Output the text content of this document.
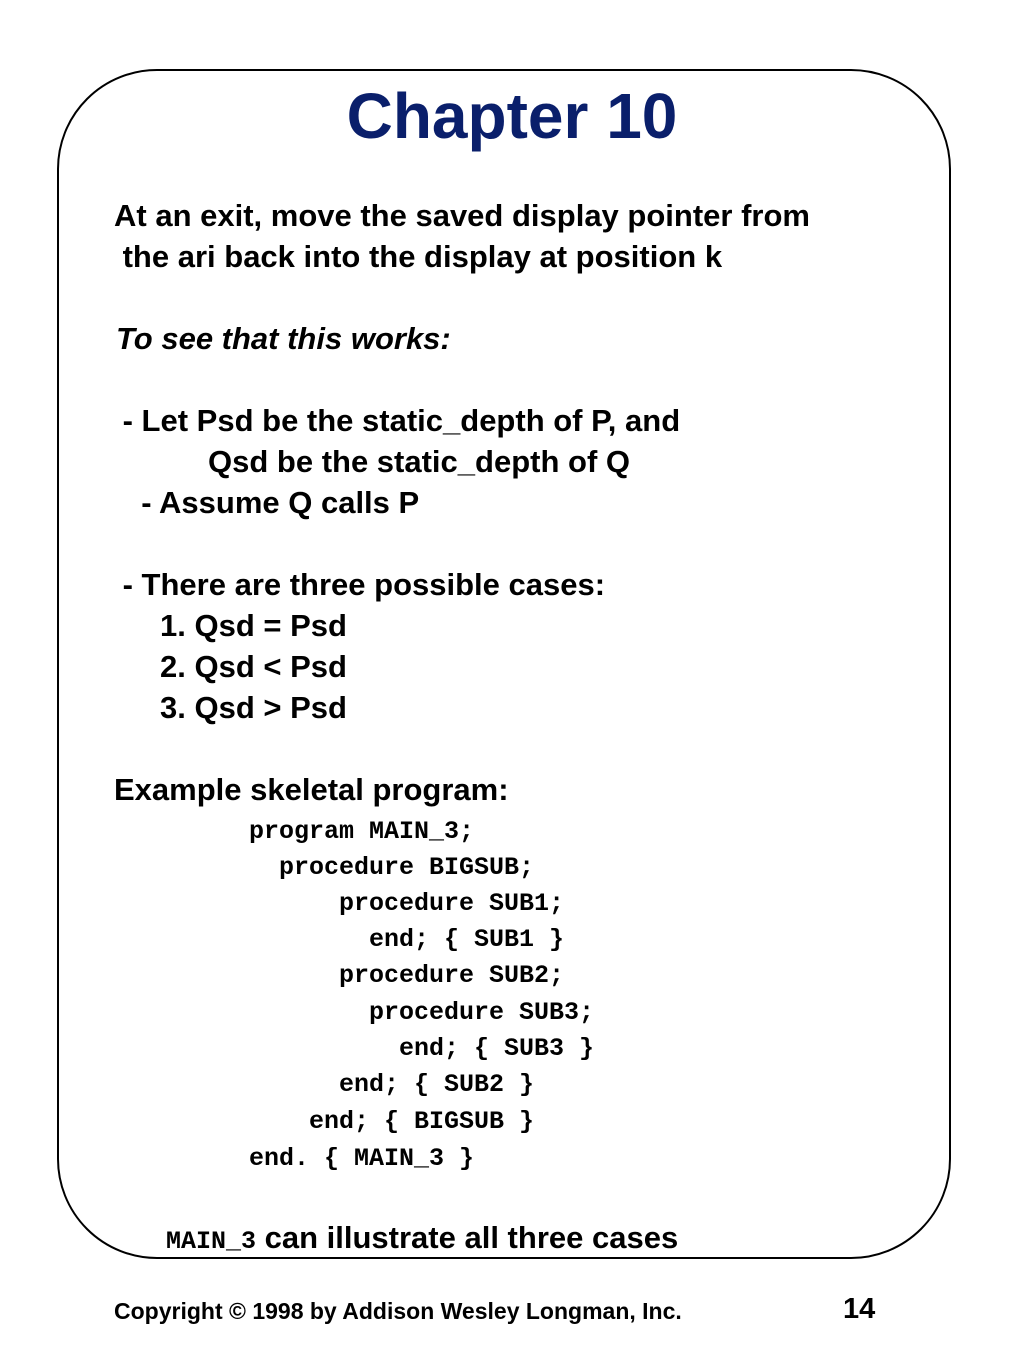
Chapter 10
At an exit, move the saved display pointer from
the ari back into the display at position k
To see that this works:
- Let Psd be the static_depth of P, and
Qsd be the static_depth of Q
- Assume Q calls P
- There are three possible cases:
1. Qsd = Psd
2. Qsd < Psd
3. Qsd > Psd
Example skeletal program:
program MAIN_3;
procedure BIGSUB;
procedure SUB1;
end; { SUB1 }
procedure SUB2;
procedure SUB3;
end; { SUB3 }
end; { SUB2 }
end; { BIGSUB }
end. { MAIN_3 }
MAIN_3 can illustrate all three cases
Copyright © 1998 by Addison Wesley Longman, Inc.	14
